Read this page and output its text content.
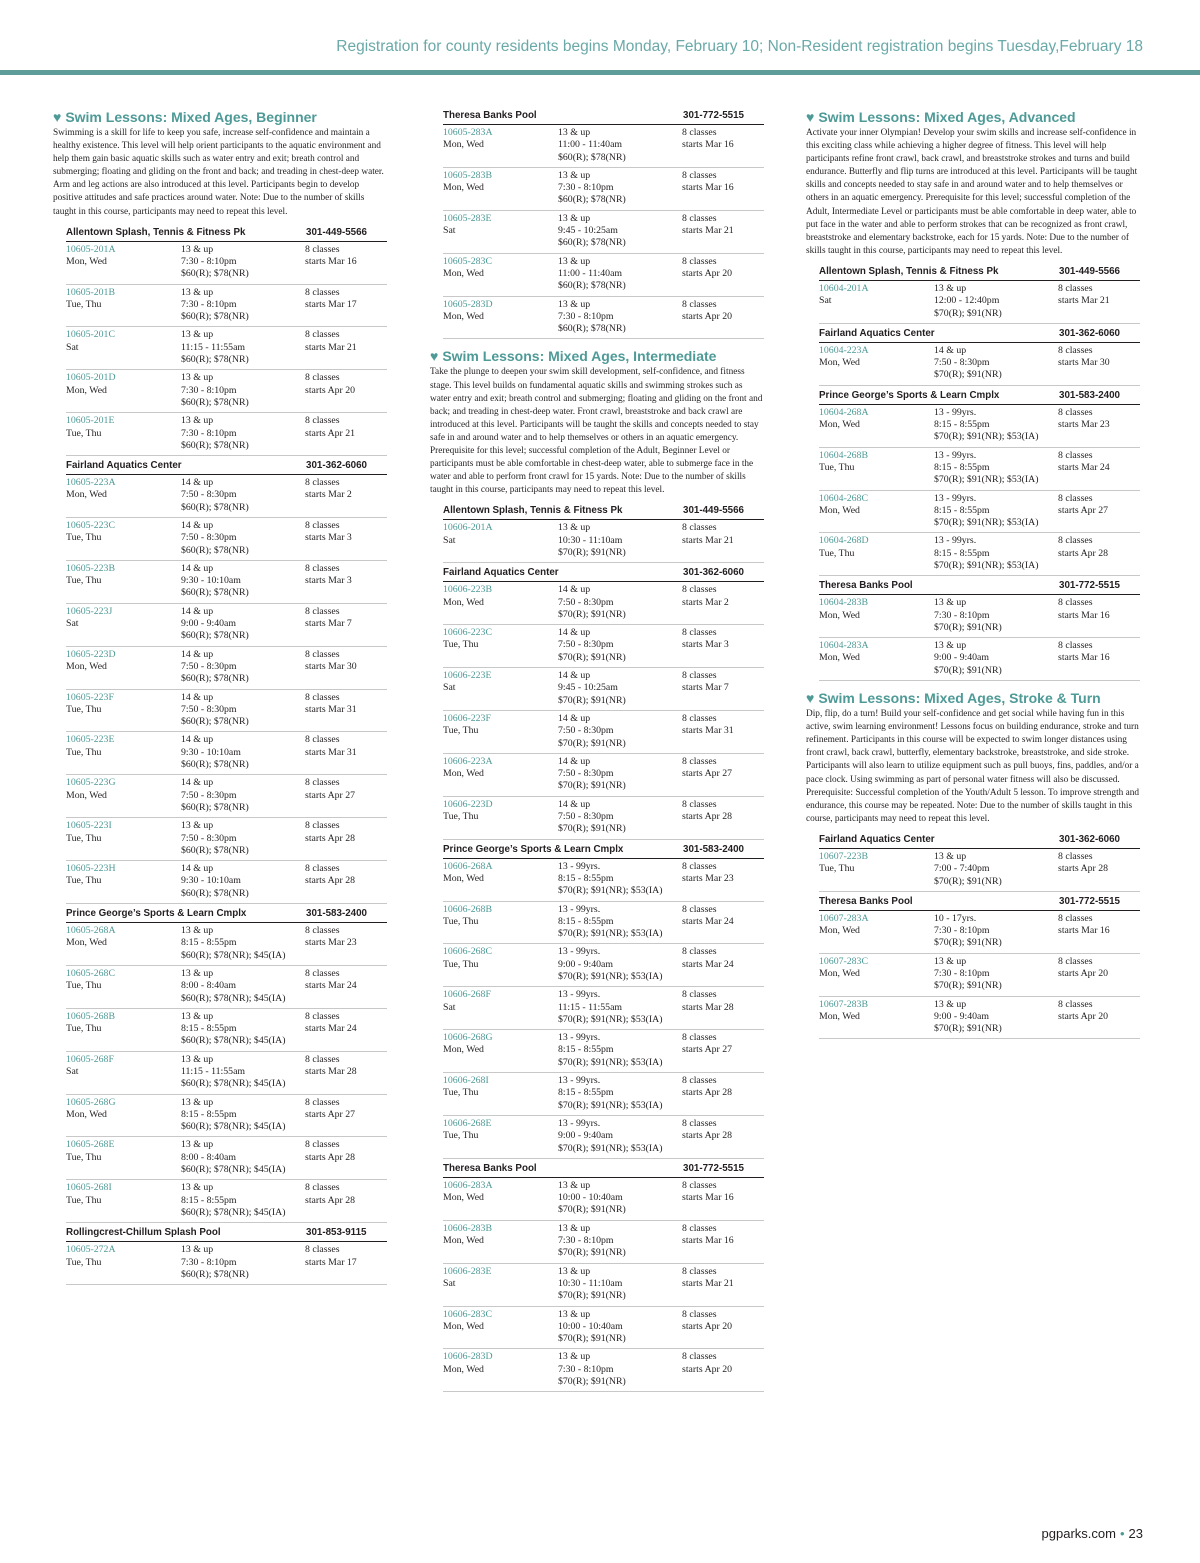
Registration for county residents begins Monday, February 10; Non-Resident registration begins Tuesday,February 18
♥ Swim Lessons: Mixed Ages, Beginner
Swimming is a skill for life to keep you safe, increase self-confidence and maintain a healthy existence. This level will help orient participants to the aquatic environment and help them gain basic aquatic skills such as water entry and exit; breath control and submerging; floating and gliding on the front and back; and treading in chest-deep water. Arm and leg actions are also introduced at this level. Participants begin to develop positive attitudes and safe practices around water. Note: Due to the number of skills taught in this course, participants may need to repeat this level.
Allentown Splash, Tennis & Fitness Pk	301-449-5566
10605-201A	13 & up	8 classes
Mon, Wed	7:30 - 8:10pm	starts Mar 16
$60(R); $78(NR)
10605-201B	13 & up	8 classes
Tue, Thu	7:30 - 8:10pm	starts Mar 17
$60(R); $78(NR)
10605-201C	13 & up	8 classes
Sat	11:15 - 11:55am	starts Mar 21
$60(R); $78(NR)
10605-201D	13 & up	8 classes
Mon, Wed	7:30 - 8:10pm	starts Apr 20
$60(R); $78(NR)
10605-201E	13 & up	8 classes
Tue, Thu	7:30 - 8:10pm	starts Apr 21
$60(R); $78(NR)
Fairland Aquatics Center	301-362-6060
10605-223A	14 & up	8 classes
Mon, Wed	7:50 - 8:30pm	starts Mar 2
$60(R); $78(NR)
10605-223C	14 & up	8 classes
Tue, Thu	7:50 - 8:30pm	starts Mar 3
$60(R); $78(NR)
10605-223B	14 & up	8 classes
Tue, Thu	9:30 - 10:10am	starts Mar 3
$60(R); $78(NR)
10605-223J	14 & up	8 classes
Sat	9:00 - 9:40am	starts Mar 7
$60(R); $78(NR)
10605-223D	14 & up	8 classes
Mon, Wed	7:50 - 8:30pm	starts Mar 30
$60(R); $78(NR)
10605-223F	14 & up	8 classes
Tue, Thu	7:50 - 8:30pm	starts Mar 31
$60(R); $78(NR)
10605-223E	14 & up	8 classes
Tue, Thu	9:30 - 10:10am	starts Mar 31
$60(R); $78(NR)
10605-223G	14 & up	8 classes
Mon, Wed	7:50 - 8:30pm	starts Apr 27
$60(R); $78(NR)
10605-223I	13 & up	8 classes
Tue, Thu	7:50 - 8:30pm	starts Apr 28
$60(R); $78(NR)
10605-223H	14 & up	8 classes
Tue, Thu	9:30 - 10:10am	starts Apr 28
$60(R); $78(NR)
Prince George’s Sports & Learn Cmplx	301-583-2400
10605-268A	13 & up	8 classes
Mon, Wed	8:15 - 8:55pm	starts Mar 23
$60(R); $78(NR); $45(IA)
10605-268C	13 & up	8 classes
Tue, Thu	8:00 - 8:40am	starts Mar 24
$60(R); $78(NR); $45(IA)
10605-268B	13 & up	8 classes
Tue, Thu	8:15 - 8:55pm	starts Mar 24
$60(R); $78(NR); $45(IA)
10605-268F	13 & up	8 classes
Sat	11:15 - 11:55am	starts Mar 28
$60(R); $78(NR); $45(IA)
10605-268G	13 & up	8 classes
Mon, Wed	8:15 - 8:55pm	starts Apr 27
$60(R); $78(NR); $45(IA)
10605-268E	13 & up	8 classes
Tue, Thu	8:00 - 8:40am	starts Apr 28
$60(R); $78(NR); $45(IA)
10605-268I	13 & up	8 classes
Tue, Thu	8:15 - 8:55pm	starts Apr 28
$60(R); $78(NR); $45(IA)
Rollingcrest-Chillum Splash Pool	301-853-9115
10605-272A	13 & up	8 classes
Tue, Thu	7:30 - 8:10pm	starts Mar 17
$60(R); $78(NR)
Theresa Banks Pool	301-772-5515
10605-283A	13 & up	8 classes
Mon, Wed	11:00 - 11:40am	starts Mar 16
$60(R); $78(NR)
10605-283B	13 & up	8 classes
Mon, Wed	7:30 - 8:10pm	starts Mar 16
$60(R); $78(NR)
10605-283E	13 & up	8 classes
Sat	9:45 - 10:25am	starts Mar 21
$60(R); $78(NR)
10605-283C	13 & up	8 classes
Mon, Wed	11:00 - 11:40am	starts Apr 20
$60(R); $78(NR)
10605-283D	13 & up	8 classes
Mon, Wed	7:30 - 8:10pm	starts Apr 20
$60(R); $78(NR)
♥ Swim Lessons: Mixed Ages, Intermediate
Take the plunge to deepen your swim skill development, self-confidence, and fitness stage. This level builds on fundamental aquatic skills and swimming strokes such as water entry and exit; breath control and submerging; floating and gliding on the front and back; and treading in chest-deep water. Front crawl, breaststroke and back crawl are introduced at this level. Participants will be taught the skills and concepts needed to stay safe in and around water and to help themselves or others in an aquatic emergency. Prerequisite for this level; successful completion of the Adult, Beginner Level or participants must be able comfortable in chest-deep water, able to submerge face in the water and able to perform front crawl for 15 yards. Note: Due to the number of skills taught in this course, participants may need to repeat this level.
Allentown Splash, Tennis & Fitness Pk	301-449-5566
10606-201A	13 & up	8 classes
Sat	10:30 - 11:10am	starts Mar 21
$70(R); $91(NR)
Fairland Aquatics Center	301-362-6060
10606-223B	14 & up	8 classes
Mon, Wed	7:50 - 8:30pm	starts Mar 2
$70(R); $91(NR)
10606-223C	14 & up	8 classes
Tue, Thu	7:50 - 8:30pm	starts Mar 3
$70(R); $91(NR)
10606-223E	14 & up	8 classes
Sat	9:45 - 10:25am	starts Mar 7
$70(R); $91(NR)
10606-223F	14 & up	8 classes
Tue, Thu	7:50 - 8:30pm	starts Mar 31
$70(R); $91(NR)
10606-223A	14 & up	8 classes
Mon, Wed	7:50 - 8:30pm	starts Apr 27
$70(R); $91(NR)
10606-223D	14 & up	8 classes
Tue, Thu	7:50 - 8:30pm	starts Apr 28
$70(R); $91(NR)
Prince George’s Sports & Learn Cmplx	301-583-2400
10606-268A	13 - 99yrs.	8 classes
Mon, Wed	8:15 - 8:55pm	starts Mar 23
$70(R); $91(NR); $53(IA)
10606-268B	13 - 99yrs.	8 classes
Tue, Thu	8:15 - 8:55pm	starts Mar 24
$70(R); $91(NR); $53(IA)
10606-268C	13 - 99yrs.	8 classes
Tue, Thu	9:00 - 9:40am	starts Mar 24
$70(R); $91(NR); $53(IA)
10606-268F	13 - 99yrs.	8 classes
Sat	11:15 - 11:55am	starts Mar 28
$70(R); $91(NR); $53(IA)
10606-268G	13 - 99yrs.	8 classes
Mon, Wed	8:15 - 8:55pm	starts Apr 27
$70(R); $91(NR); $53(IA)
10606-268I	13 - 99yrs.	8 classes
Tue, Thu	8:15 - 8:55pm	starts Apr 28
$70(R); $91(NR); $53(IA)
10606-268E	13 - 99yrs.	8 classes
Tue, Thu	9:00 - 9:40am	starts Apr 28
$70(R); $91(NR); $53(IA)
Theresa Banks Pool	301-772-5515
10606-283A	13 & up	8 classes
Mon, Wed	10:00 - 10:40am	starts Mar 16
$70(R); $91(NR)
10606-283B	13 & up	8 classes
Mon, Wed	7:30 - 8:10pm	starts Mar 16
$70(R); $91(NR)
10606-283E	13 & up	8 classes
Sat	10:30 - 11:10am	starts Mar 21
$70(R); $91(NR)
10606-283C	13 & up	8 classes
Mon, Wed	10:00 - 10:40am	starts Apr 20
$70(R); $91(NR)
10606-283D	13 & up	8 classes
Mon, Wed	7:30 - 8:10pm	starts Apr 20
$70(R); $91(NR)
♥ Swim Lessons: Mixed Ages, Advanced
Activate your inner Olympian! Develop your swim skills and increase self-confidence in this exciting class while achieving a higher degree of fitness. This level will help participants refine front crawl, back crawl, and breaststroke strokes and turns and build endurance. Butterfly and flip turns are introduced at this level. Participants will be taught skills and concepts needed to stay safe in and around water and to help themselves or others in an aquatic emergency. Prerequisite for this level; successful completion of the Adult, Intermediate Level or participants must be able comfortable in deep water, able to put face in the water and able to perform strokes that can be recognized as front crawl, breaststroke and elementary backstroke, each for 15 yards. Note: Due to the number of skills taught in this course, participants may need to repeat this level.
Allentown Splash, Tennis & Fitness Pk	301-449-5566
10604-201A	13 & up	8 classes
Sat	12:00 - 12:40pm	starts Mar 21
$70(R); $91(NR)
Fairland Aquatics Center	301-362-6060
10604-223A	14 & up	8 classes
Mon, Wed	7:50 - 8:30pm	starts Mar 30
$70(R); $91(NR)
Prince George’s Sports & Learn Cmplx	301-583-2400
10604-268A	13 - 99yrs.	8 classes
Mon, Wed	8:15 - 8:55pm	starts Mar 23
$70(R); $91(NR); $53(IA)
10604-268B	13 - 99yrs.	8 classes
Tue, Thu	8:15 - 8:55pm	starts Mar 24
$70(R); $91(NR); $53(IA)
10604-268C	13 - 99yrs.	8 classes
Mon, Wed	8:15 - 8:55pm	starts Apr 27
$70(R); $91(NR); $53(IA)
10604-268D	13 - 99yrs.	8 classes
Tue, Thu	8:15 - 8:55pm	starts Apr 28
$70(R); $91(NR); $53(IA)
Theresa Banks Pool	301-772-5515
10604-283B	13 & up	8 classes
Mon, Wed	7:30 - 8:10pm	starts Mar 16
$70(R); $91(NR)
10604-283A	13 & up	8 classes
Mon, Wed	9:00 - 9:40am	starts Mar 16
$70(R); $91(NR)
♥ Swim Lessons: Mixed Ages, Stroke & Turn
Dip, flip, do a turn! Build your self-confidence and get social while having fun in this active, swim learning environment! Lessons focus on building endurance, stroke and turn refinement. Participants in this course will be expected to swim longer distances using front crawl, back crawl, butterfly, elementary backstroke, breaststroke, and side stroke. Participants will also learn to utilize equipment such as pull buoys, fins, paddles, and/or a pace clock. Using swimming as part of personal water fitness will also be discussed. Prerequisite: Successful completion of the Youth/Adult 5 lesson. To improve strength and endurance, this course may be repeated. Note: Due to the number of skills taught in this course, participants may need to repeat this level.
Fairland Aquatics Center	301-362-6060
10607-223B	13 & up	8 classes
Tue, Thu	7:00 - 7:40pm	starts Apr 28
$70(R); $91(NR)
Theresa Banks Pool	301-772-5515
10607-283A	10 - 17yrs.	8 classes
Mon, Wed	7:30 - 8:10pm	starts Mar 16
$70(R); $91(NR)
10607-283C	13 & up	8 classes
Mon, Wed	7:30 - 8:10pm	starts Apr 20
$70(R); $91(NR)
10607-283B	13 & up	8 classes
Mon, Wed	9:00 - 9:40am	starts Apr 20
$70(R); $91(NR)
pgparks.com • 23
